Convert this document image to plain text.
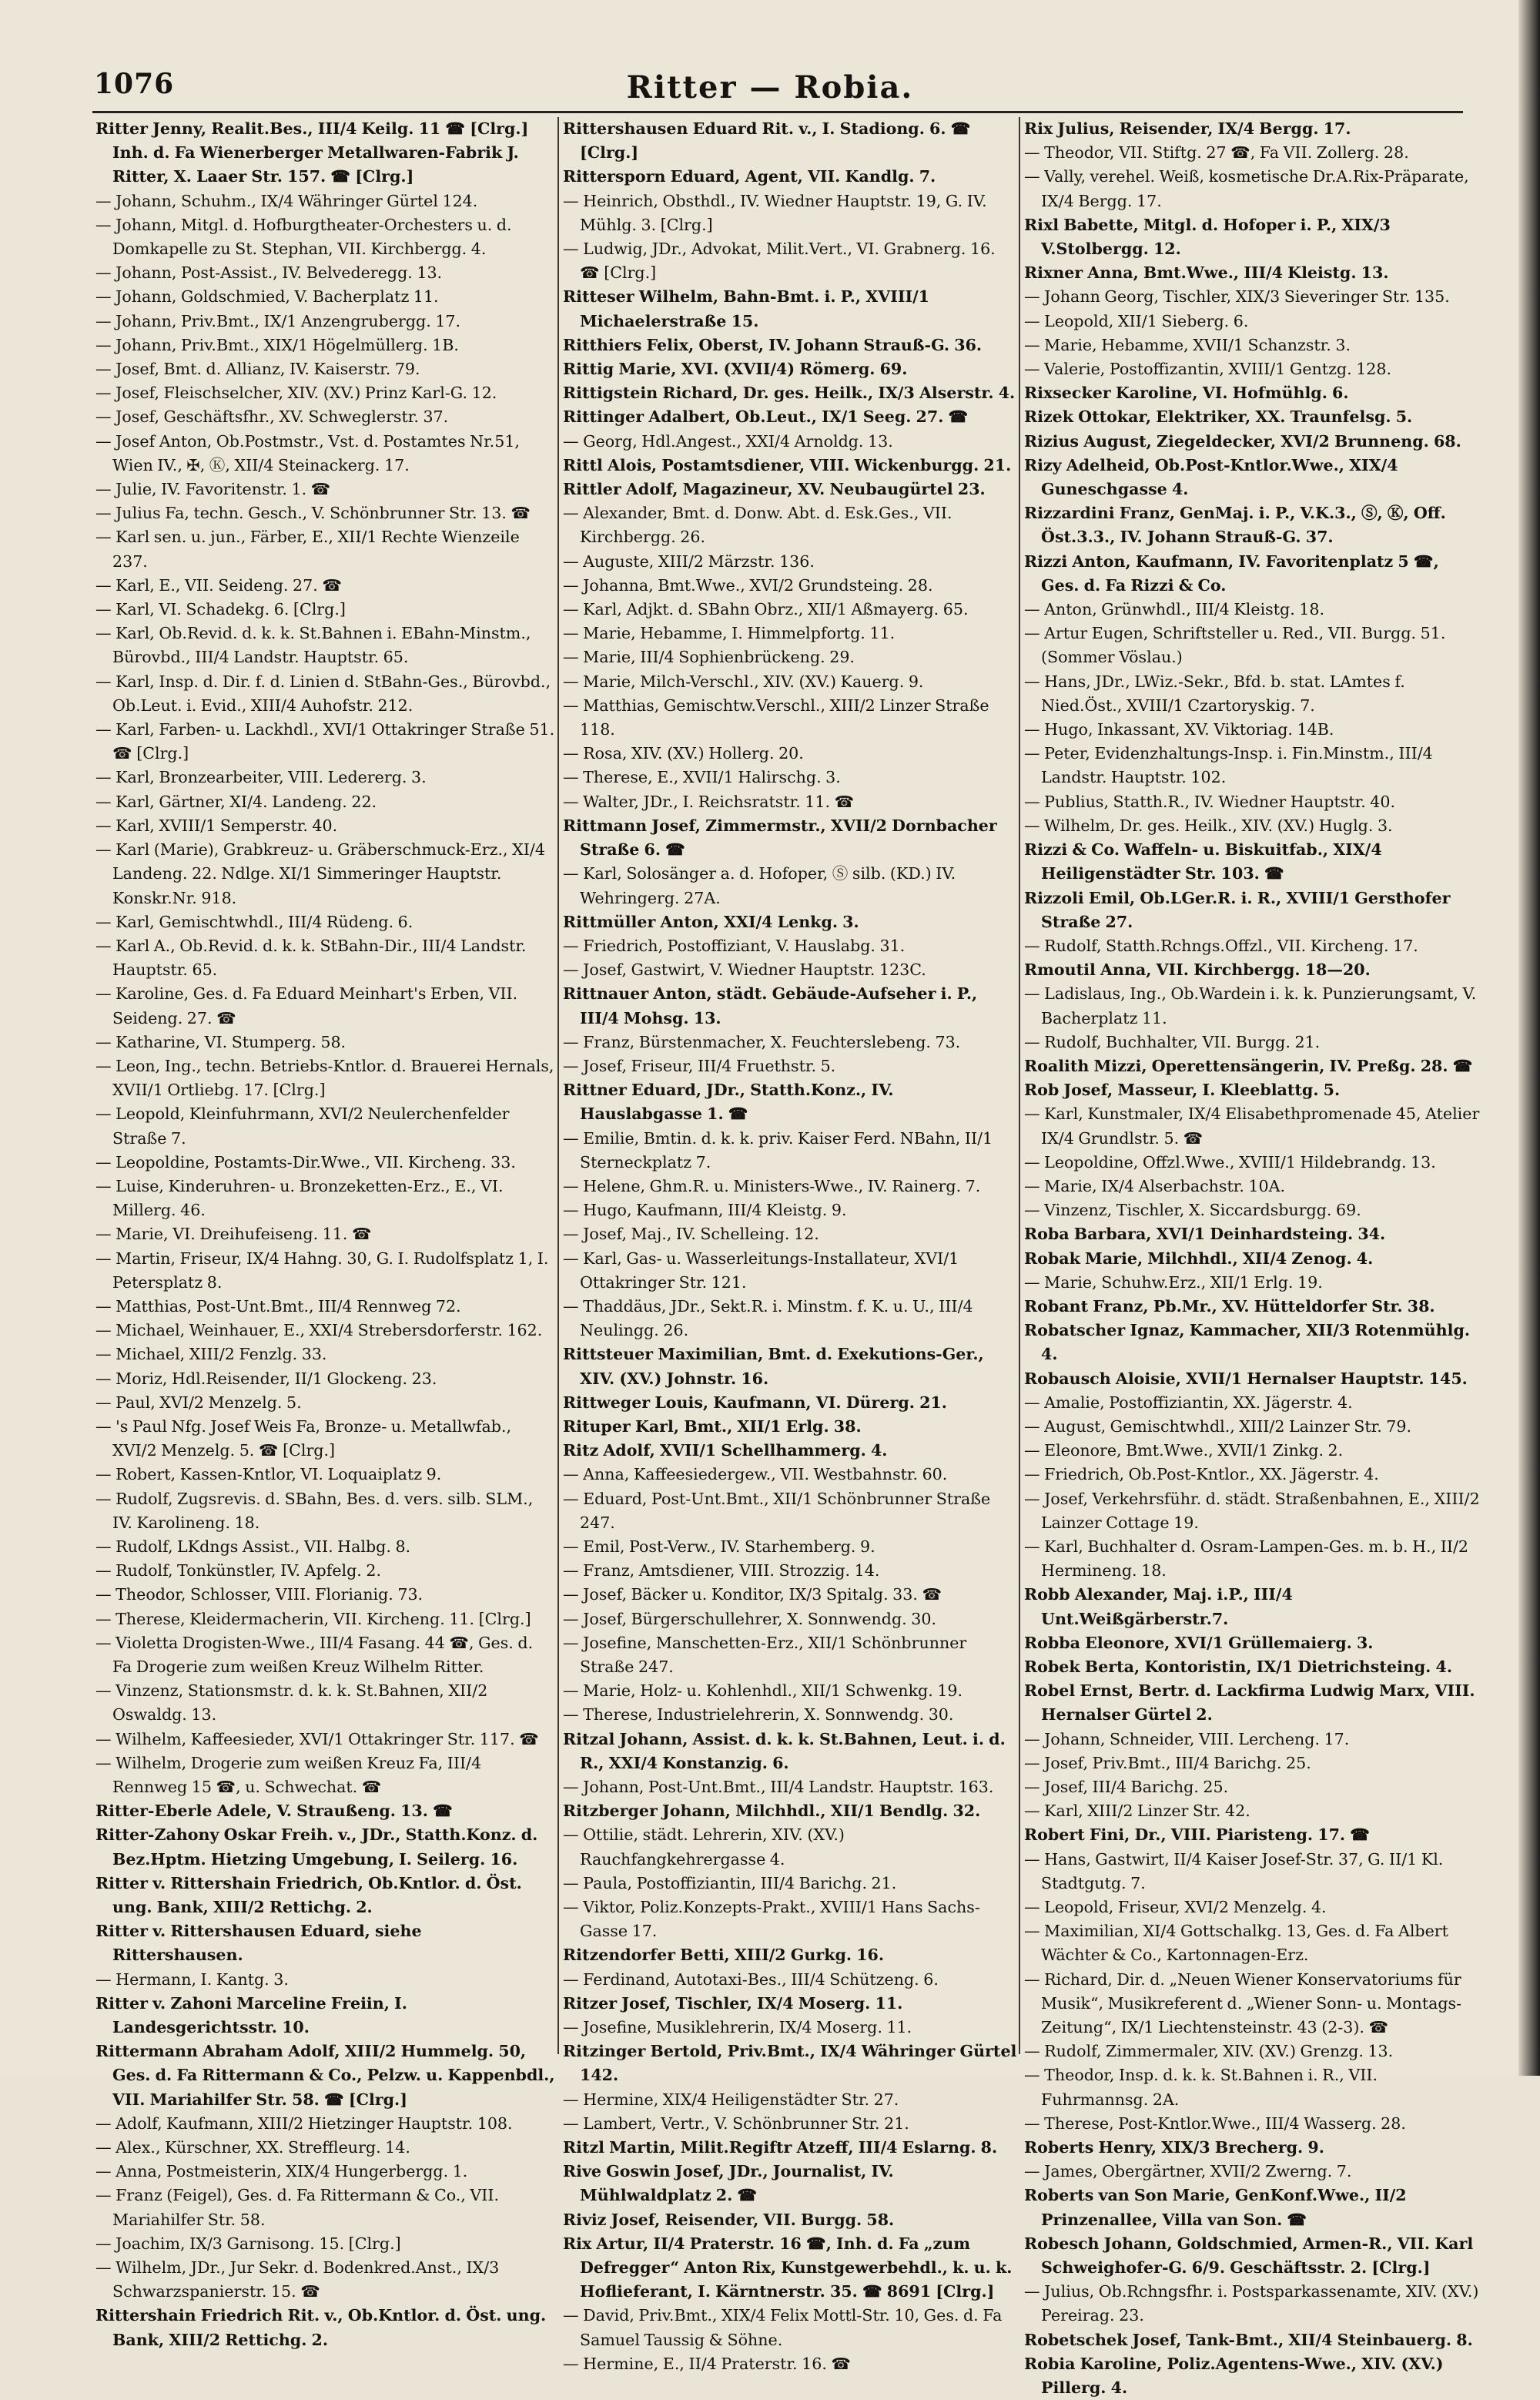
1076	Ritter — Robia.
Ritter Jenny, Realit.Bes., III/4 Keilg. 11 ☎ [Clrg.] Inh. d. Fa Wienerberger Metallwaren-Fabrik J. Ritter, X. Laaer Str. 157. ☎ [Clrg.]
— Johann, Schuhm., IX/4 Währinger Gürtel 124.
— Johann, Mitgl. d. Hofburgtheater-Orchesters u. d. Domkapelle zu St. Stephan, VII. Kirchbergg. 4.
— Johann, Post-Assist., IV. Belvederegg. 13.
— Johann, Goldschmied, V. Bacherplatz 11.
— Johann, Priv.Bmt., IX/1 Anzengrubergg. 17.
— Johann, Priv.Bmt., XIX/1 Högelmüllerg. 1B.
— Josef, Bmt. d. Allianz, IV. Kaiserstr. 79.
— Josef, Fleischselcher, XIV. (XV.) Prinz Karl-G. 12.
— Josef, Geschäftsfhr., XV. Schweglerstr. 37.
— Josef Anton, Ob.Postmstr., Vst. d. Postamtes Nr.51, Wien IV., ✠, Ⓚ, XII/4 Steinackerg. 17.
— Julie, IV. Favoritenstr. 1. ☎
— Julius Fa, techn. Gesch., V. Schönbrunner Str. 13. ☎
— Karl sen. u. jun., Färber, E., XII/1 Rechte Wienzeile 237.
— Karl, E., VII. Seideng. 27. ☎
— Karl, VI. Schadekg. 6. [Clrg.]
— Karl, Ob.Revid. d. k. k. St.Bahnen i. EBahn-Minstm., Bürovbd., III/4 Landstr. Hauptstr. 65.
— Karl, Insp. d. Dir. f. d. Linien d. StBahn-Ges., Bürovbd., Ob.Leut. i. Evid., XIII/4 Auhofstr. 212.
— Karl, Farben- u. Lackhdl., XVI/1 Ottakringer Straße 51. ☎ [Clrg.]
— Karl, Bronzearbeiter, VIII. Ledererg. 3.
— Karl, Gärtner, XI/4. Landeng. 22.
— Karl, XVIII/1 Semperstr. 40.
— Karl (Marie), Grabkreuz- u. Gräberschmuck-Erz., XI/4 Landeng. 22. Ndlge. XI/1 Simmeringer Hauptstr. Konskr.Nr. 918.
— Karl, Gemischtwhdl., III/4 Rüdeng. 6.
— Karl A., Ob.Revid. d. k. k. StBahn-Dir., III/4 Landstr. Hauptstr. 65.
— Karoline, Ges. d. Fa Eduard Meinhart's Erben, VII. Seideng. 27. ☎
— Katharine, VI. Stumperg. 58.
— Leon, Ing., techn. Betriebs-Kntlor. d. Brauerei Hernals, XVII/1 Ortliebg. 17. [Clrg.]
— Leopold, Kleinfuhrmann, XVI/2 Neulerchenfelder Straße 7.
— Leopoldine, Postamts-Dir.Wwe., VII. Kircheng. 33.
— Luise, Kinderuhren- u. Bronzeketten-Erz., E., VI. Millerg. 46.
— Marie, VI. Dreihufeiseng. 11. ☎
— Martin, Friseur, IX/4 Hahng. 30, G. I. Rudolfsplatz 1, I. Petersplatz 8.
— Matthias, Post-Unt.Bmt., III/4 Rennweg 72.
— Michael, Weinhauer, E., XXI/4 Strebersdorferstr. 162.
— Michael, XIII/2 Fenzlg. 33.
— Moriz, Hdl.Reisender, II/1 Glockeng. 23.
— Paul, XVI/2 Menzelg. 5.
— 's Paul Nfg. Josef Weis Fa, Bronze- u. Metallwfab., XVI/2 Menzelg. 5. ☎ [Clrg.]
— Robert, Kassen-Kntlor, VI. Loquaiplatz 9.
— Rudolf, Zugsrevis. d. SBahn, Bes. d. vers. silb. SLM., IV. Karolineng. 18.
— Rudolf, LKdngs Assist., VII. Halbg. 8.
— Rudolf, Tonkünstler, IV. Apfelg. 2.
— Theodor, Schlosser, VIII. Florianig. 73.
— Therese, Kleidermacherin, VII. Kircheng. 11. [Clrg.]
— Violetta Drogisten-Wwe., III/4 Fasang. 44 ☎, Ges. d. Fa Drogerie zum weißen Kreuz Wilhelm Ritter.
— Vinzenz, Stationsmstr. d. k. k. St.Bahnen, XII/2 Oswaldg. 13.
— Wilhelm, Kaffeesieder, XVI/1 Ottakringer Str. 117. ☎
— Wilhelm, Drogerie zum weißen Kreuz Fa, III/4 Rennweg 15 ☎, u. Schwechat. ☎
Ritter-Eberle Adele, V. Straußeng. 13. ☎
Ritter-Zahony Oskar Freih. v., JDr., Statth.Konz. d. Bez.Hptm. Hietzing Umgebung, I. Seilerg. 16.
Ritter v. Rittershain Friedrich, Ob.Kntlor. d. Öst. ung. Bank, XIII/2 Rettichg. 2.
Ritter v. Rittershausen Eduard, siehe Rittershausen.
— Hermann, I. Kantg. 3.
Ritter v. Zahoni Marceline Freiin, I. Landesgerichtsstr. 10.
Rittermann Abraham Adolf, XIII/2 Hummelg. 50, Ges. d. Fa Rittermann & Co., Pelzw. u. Kappenbdl., VII. Mariahilfer Str. 58. ☎ [Clrg.]
— Adolf, Kaufmann, XIII/2 Hietzinger Hauptstr. 108.
— Alex., Kürschner, XX. Streffleurg. 14.
— Anna, Postmeisterin, XIX/4 Hungerbergg. 1.
— Franz (Feigel), Ges. d. Fa Rittermann & Co., VII. Mariahilfer Str. 58.
— Joachim, IX/3 Garnisong. 15. [Clrg.]
— Wilhelm, JDr., Jur Sekr. d. Bodenkred.Anst., IX/3 Schwarzspanierstr. 15. ☎
Rittershain Friedrich Rit. v., Ob.Kntlor. d. Öst. ung. Bank, XIII/2 Rettichg. 2.
Rittershausen Eduard Rit. v., I. Stadiong. 6. ☎ [Clrg.]
Rittersporn Eduard, Agent, VII. Kandlg. 7.
— Heinrich, Obsthdl., IV. Wiedner Hauptstr. 19, G. IV. Mühlg. 3. [Clrg.]
— Ludwig, JDr., Advokat, Milit.Vert., VI. Grabnerg. 16. ☎ [Clrg.]
Ritteser Wilhelm, Bahn-Bmt. i. P., XVIII/1 Michaelerstraße 15.
Ritthiers Felix, Oberst, IV. Johann Strauß-G. 36.
Rittig Marie, XVI. (XVII/4) Römerg. 69.
Rittigstein Richard, Dr. ges. Heilk., IX/3 Alserstr. 4.
Rittinger Adalbert, Ob.Leut., IX/1 Seeg. 27. ☎
— Georg, Hdl.Angest., XXI/4 Arnoldg. 13.
Rittl Alois, Postamtsdiener, VIII. Wickenburgg. 21.
Rittler Adolf, Magazineur, XV. Neubaugürtel 23.
— Alexander, Bmt. d. Donw. Abt. d. Esk.Ges., VII. Kirchbergg. 26.
— Auguste, XIII/2 Märzstr. 136.
— Johanna, Bmt.Wwe., XVI/2 Grundsteing. 28.
— Karl, Adjkt. d. SBahn Obrz., XII/1 Aßmayerg. 65.
— Marie, Hebamme, I. Himmelpfortg. 11.
— Marie, III/4 Sophienbrückeng. 29.
— Marie, Milch-Verschl., XIV. (XV.) Kauerg. 9.
— Matthias, Gemischtw.Verschl., XIII/2 Linzer Straße 118.
— Rosa, XIV. (XV.) Hollerg. 20.
— Therese, E., XVII/1 Halirschg. 3.
— Walter, JDr., I. Reichsratstr. 11. ☎
Rittmann Josef, Zimmermstr., XVII/2 Dornbacher Straße 6. ☎
— Karl, Solosänger a. d. Hofoper, Ⓢ silb. (KD.) IV. Wehringerg. 27A.
Rittmüller Anton, XXI/4 Lenkg. 3.
— Friedrich, Postoffiziant, V. Hauslabg. 31.
— Josef, Gastwirt, V. Wiedner Hauptstr. 123C.
Rittnauer Anton, städt. Gebäude-Aufseher i. P., III/4 Mohsg. 13.
— Franz, Bürstenmacher, X. Feuchterslebeng. 73.
— Josef, Friseur, III/4 Fruethstr. 5.
Rittner Eduard, JDr., Statth.Konz., IV. Hauslabgasse 1. ☎
— Emilie, Bmtin. d. k. k. priv. Kaiser Ferd. NBahn, II/1 Sterneckplatz 7.
— Helene, Ghm.R. u. Ministers-Wwe., IV. Rainerg. 7.
— Hugo, Kaufmann, III/4 Kleistg. 9.
— Josef, Maj., IV. Schelleing. 12.
— Karl, Gas- u. Wasserleitungs-Installateur, XVI/1 Ottakringer Str. 121.
— Thaddäus, JDr., Sekt.R. i. Minstm. f. K. u. U., III/4 Neulingg. 26.
Rittsteuer Maximilian, Bmt. d. Exekutions-Ger., XIV. (XV.) Johnstr. 16.
Rittweger Louis, Kaufmann, VI. Dürerg. 21.
Rituper Karl, Bmt., XII/1 Erlg. 38.
Ritz Adolf, XVII/1 Schellhammerg. 4.
— Anna, Kaffeesiedergew., VII. Westbahnstr. 60.
— Eduard, Post-Unt.Bmt., XII/1 Schönbrunner Straße 247.
— Emil, Post-Verw., IV. Starhemberg. 9.
— Franz, Amtsdiener, VIII. Strozzig. 14.
— Josef, Bäcker u. Konditor, IX/3 Spitalg. 33. ☎
— Josef, Bürgerschullehrer, X. Sonnwendg. 30.
— Josefine, Manschetten-Erz., XII/1 Schönbrunner Straße 247.
— Marie, Holz- u. Kohlenhdl., XII/1 Schwenkg. 19.
— Therese, Industrielehrerin, X. Sonnwendg. 30.
Ritzal Johann, Assist. d. k. k. St.Bahnen, Leut. i. d. R., XXI/4 Konstanzig. 6.
— Johann, Post-Unt.Bmt., III/4 Landstr. Hauptstr. 163.
Ritzberger Johann, Milchhdl., XII/1 Bendlg. 32.
— Ottilie, städt. Lehrerin, XIV. (XV.) Rauchfangkehrergasse 4.
— Paula, Postoffiziantin, III/4 Barichg. 21.
— Viktor, Poliz.Konzepts-Prakt., XVIII/1 Hans Sachs-Gasse 17.
Ritzendorfer Betti, XIII/2 Gurkg. 16.
— Ferdinand, Autotaxi-Bes., III/4 Schützeng. 6.
Ritzer Josef, Tischler, IX/4 Moserg. 11.
— Josefine, Musiklehrerin, IX/4 Moserg. 11.
Ritzinger Bertold, Priv.Bmt., IX/4 Währinger Gürtel 142.
— Hermine, XIX/4 Heiligenstädter Str. 27.
— Lambert, Vertr., V. Schönbrunner Str. 21.
Ritzl Martin, Milit.Regiftr Atzeff, III/4 Eslarng. 8.
Rive Goswin Josef, JDr., Journalist, IV. Mühlwaldplatz 2. ☎
Riviz Josef, Reisender, VII. Burgg. 58.
Rix Artur, II/4 Praterstr. 16 ☎, Inh. d. Fa „zum Defregger“ Anton Rix, Kunstgewerbehdl., k. u. k. Hoflieferant, I. Kärntnerstr. 35. ☎ 8691 [Clrg.]
— David, Priv.Bmt., XIX/4 Felix Mottl-Str. 10, Ges. d. Fa Samuel Taussig & Söhne.
— Hermine, E., II/4 Praterstr. 16. ☎
Rix Julius, Reisender, IX/4 Bergg. 17.
— Theodor, VII. Stiftg. 27 ☎, Fa VII. Zollerg. 28.
— Vally, verehel. Weiß, kosmetische Dr.A.Rix-Präparate, IX/4 Bergg. 17.
Rixl Babette, Mitgl. d. Hofoper i. P., XIX/3 V.Stolbergg. 12.
Rixner Anna, Bmt.Wwe., III/4 Kleistg. 13.
— Johann Georg, Tischler, XIX/3 Sieveringer Str. 135.
— Leopold, XII/1 Sieberg. 6.
— Marie, Hebamme, XVII/1 Schanzstr. 3.
— Valerie, Postoffizantin, XVIII/1 Gentzg. 128.
Rixsecker Karoline, VI. Hofmühlg. 6.
Rizek Ottokar, Elektriker, XX. Traunfelsg. 5.
Rizius August, Ziegeldecker, XVI/2 Brunneng. 68.
Rizy Adelheid, Ob.Post-Kntlor.Wwe., XIX/4 Guneschgasse 4.
Rizzardini Franz, GenMaj. i. P., V.K.3., Ⓢ, Ⓚ, Off. Öst.3.3., IV. Johann Strauß-G. 37.
Rizzi Anton, Kaufmann, IV. Favoritenplatz 5 ☎, Ges. d. Fa Rizzi & Co.
— Anton, Grünwhdl., III/4 Kleistg. 18.
— Artur Eugen, Schriftsteller u. Red., VII. Burgg. 51. (Sommer Vöslau.)
— Hans, JDr., LWiz.-Sekr., Bfd. b. stat. LAmtes f. Nied.Öst., XVIII/1 Czartoryskig. 7.
— Hugo, Inkassant, XV. Viktoriag. 14B.
— Peter, Evidenzhaltungs-Insp. i. Fin.Minstm., III/4 Landstr. Hauptstr. 102.
— Publius, Statth.R., IV. Wiedner Hauptstr. 40.
— Wilhelm, Dr. ges. Heilk., XIV. (XV.) Huglg. 3.
Rizzi & Co. Waffeln- u. Biskuitfab., XIX/4 Heiligenstädter Str. 103. ☎
Rizzoli Emil, Ob.LGer.R. i. R., XVIII/1 Gersthofer Straße 27.
— Rudolf, Statth.Rchngs.Offzl., VII. Kircheng. 17.
Rmoutil Anna, VII. Kirchbergg. 18—20.
— Ladislaus, Ing., Ob.Wardein i. k. k. Punzierungsamt, V. Bacherplatz 11.
— Rudolf, Buchhalter, VII. Burgg. 21.
Roalith Mizzi, Operettensängerin, IV. Preßg. 28. ☎
Rob Josef, Masseur, I. Kleeblattg. 5.
— Karl, Kunstmaler, IX/4 Elisabethpromenade 45, Atelier IX/4 Grundlstr. 5. ☎
— Leopoldine, Offzl.Wwe., XVIII/1 Hildebrandg. 13.
— Marie, IX/4 Alserbachstr. 10A.
— Vinzenz, Tischler, X. Siccardsburgg. 69.
Roba Barbara, XVI/1 Deinhardsteing. 34.
Robak Marie, Milchhdl., XII/4 Zenog. 4.
— Marie, Schuhw.Erz., XII/1 Erlg. 19.
Robant Franz, Pb.Mr., XV. Hütteldorfer Str. 38.
Robatscher Ignaz, Kammacher, XII/3 Rotenmühlg. 4.
Robausch Aloisie, XVII/1 Hernalser Hauptstr. 145.
— Amalie, Postoffiziantin, XX. Jägerstr. 4.
— August, Gemischtwhdl., XIII/2 Lainzer Str. 79.
— Eleonore, Bmt.Wwe., XVII/1 Zinkg. 2.
— Friedrich, Ob.Post-Kntlor., XX. Jägerstr. 4.
— Josef, Verkehrsführ. d. städt. Straßenbahnen, E., XIII/2 Lainzer Cottage 19.
— Karl, Buchhalter d. Osram-Lampen-Ges. m. b. H., II/2 Hermineng. 18.
Robb Alexander, Maj. i.P., III/4 Unt.Weißgärberstr.7.
Robba Eleonore, XVI/1 Grüllemaierg. 3.
Robek Berta, Kontoristin, IX/1 Dietrichsteing. 4.
Robel Ernst, Bertr. d. Lackfirma Ludwig Marx, VIII. Hernalser Gürtel 2.
— Johann, Schneider, VIII. Lercheng. 17.
— Josef, Priv.Bmt., III/4 Barichg. 25.
— Josef, III/4 Barichg. 25.
— Karl, XIII/2 Linzer Str. 42.
Robert Fini, Dr., VIII. Piaristeng. 17. ☎
— Hans, Gastwirt, II/4 Kaiser Josef-Str. 37, G. II/1 Kl. Stadtgutg. 7.
— Leopold, Friseur, XVI/2 Menzelg. 4.
— Maximilian, XI/4 Gottschalkg. 13, Ges. d. Fa Albert Wächter & Co., Kartonnagen-Erz.
— Richard, Dir. d. „Neuen Wiener Konservatoriums für Musik“, Musikreferent d. „Wiener Sonn- u. Montags-Zeitung“, IX/1 Liechtensteinstr. 43 (2-3). ☎
— Rudolf, Zimmermaler, XIV. (XV.) Grenzg. 13.
— Theodor, Insp. d. k. k. St.Bahnen i. R., VII. Fuhrmannsg. 2A.
— Therese, Post-Kntlor.Wwe., III/4 Wasserg. 28.
Roberts Henry, XIX/3 Brecherg. 9.
— James, Obergärtner, XVII/2 Zwerng. 7.
Roberts van Son Marie, GenKonf.Wwe., II/2 Prinzenallee, Villa van Son. ☎
Robesch Johann, Goldschmied, Armen-R., VII. Karl Schweighofer-G. 6/9. Geschäftsstr. 2. [Clrg.]
— Julius, Ob.Rchngsfhr. i. Postsparkassenamte, XIV. (XV.) Pereirag. 23.
Robetschek Josef, Tank-Bmt., XII/4 Steinbauerg. 8.
Robia Karoline, Poliz.Agentens-Wwe., XIV. (XV.) Pillerg. 4.
